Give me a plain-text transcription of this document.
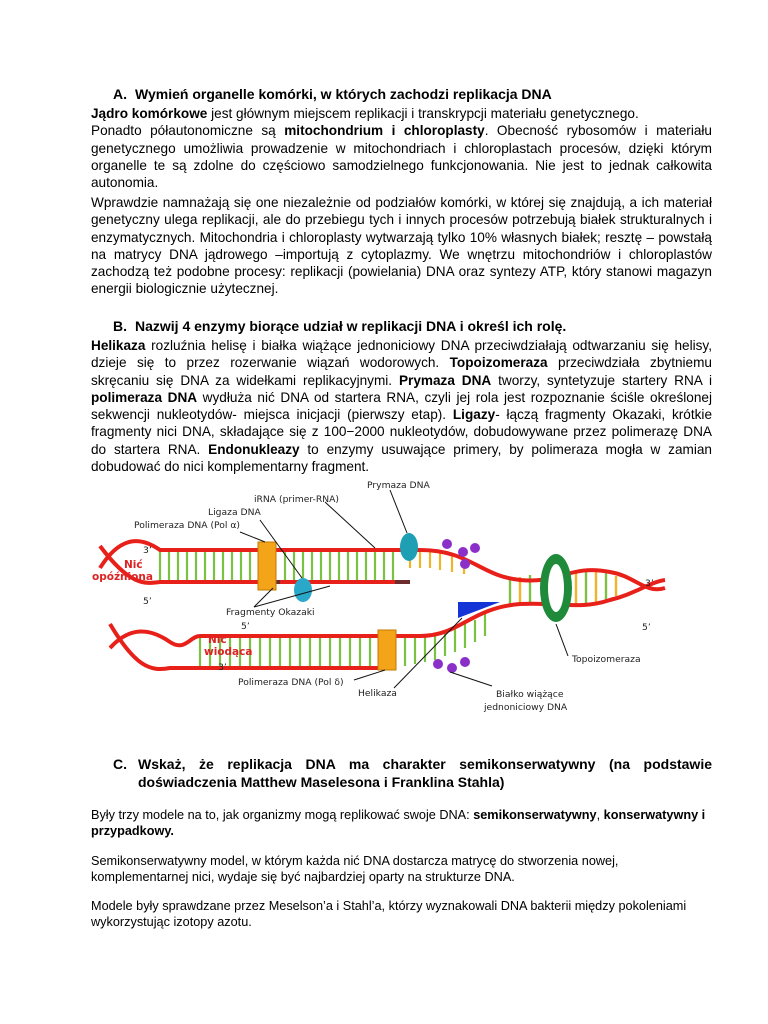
A. Wymień organelle komórki, w których zachodzi replikacja DNA
Jądro komórkowe jest głównym miejscem replikacji i transkrypcji materiału genetycznego.
Ponadto półautonomiczne są mitochondrium i chloroplasty. Obecność rybosomów i materiału genetycznego umożliwia prowadzenie w mitochondriach i chloroplastach procesów, dzięki którym organelle te są zdolne do częściowo samodzielnego funkcjonowania. Nie jest to jednak całkowita autonomia.
Wprawdzie namnażają się one niezależnie od podziałów komórki, w której się znajdują, a ich materiał genetyczny ulega replikacji, ale do przebiegu tych i innych procesów potrzebują białek strukturalnych i enzymatycznych. Mitochondria i chloroplasty wytwarzają tylko 10% własnych białek; resztę – powstałą na matrycy DNA jądrowego –importują z cytoplazmy. We wnętrzu mitochondriów i chloroplastów zachodzą też podobne procesy: replikacji (powielania) DNA oraz syntezy ATP, który stanowi magazyn energii biologicznie użytecznej.
B. Nazwij 4 enzymy biorące udział w replikacji DNA i określ ich rolę.
Helikaza rozluźnia helisę i białka wiążące jednoniciowy DNA przeciwdziałają odtwarzaniu się helisy, dzieje się to przez rozerwanie wiązań wodorowych. Topoizomeraza przeciwdziała zbytniemu skręcaniu się DNA za widełkami replikacyjnymi. Prymaza DNA tworzy, syntetyzuje startery RNA i polimeraza DNA wydłuża nić DNA od startera RNA, czyli jej rola jest rozpoznanie ściśle określonej sekwencji nukleotydów- miejsca inicjacji (pierwszy etap). Ligazy- łączą fragmenty Okazaki, krótkie fragmenty nici DNA, składające się z 100−2000 nukleotydów, dobudowywane przez polimerazę DNA do startera RNA. Endonukleazy to enzymy usuwające primery, by polimeraza mogła w zamian dobudować do nici komplementarny fragment.
Prymaza DNA
iRNA (primer-RNA)
Ligaza DNA
Polimeraza DNA (Pol α)
3’
Nić
opóźniona
5’
Fragmenty Okazaki
5’
Nić
wiodąca
3’
Polimeraza DNA (Pol δ)
Helikaza	Białko wiążące
jednoniciowy DNA
Topoizomeraza
3’
5’
C. Wskaż, że replikacja DNA ma charakter semikonserwatywny (na podstawie doświadczenia Matthew Maselesona i Franklina Stahla)
Były trzy modele na to, jak organizmy mogą replikować swoje DNA: semikonserwatywny, konserwatywny i przypadkowy.
Semikonserwatywny model, w którym każda nić DNA dostarcza matrycę do stworzenia nowej, komplementarnej nici, wydaje się być najbardziej oparty na strukturze DNA.
Modele były sprawdzane przez Meselson’a i Stahl’a, którzy wyznakowali DNA bakterii między pokoleniami wykorzystując izotopy azotu.
